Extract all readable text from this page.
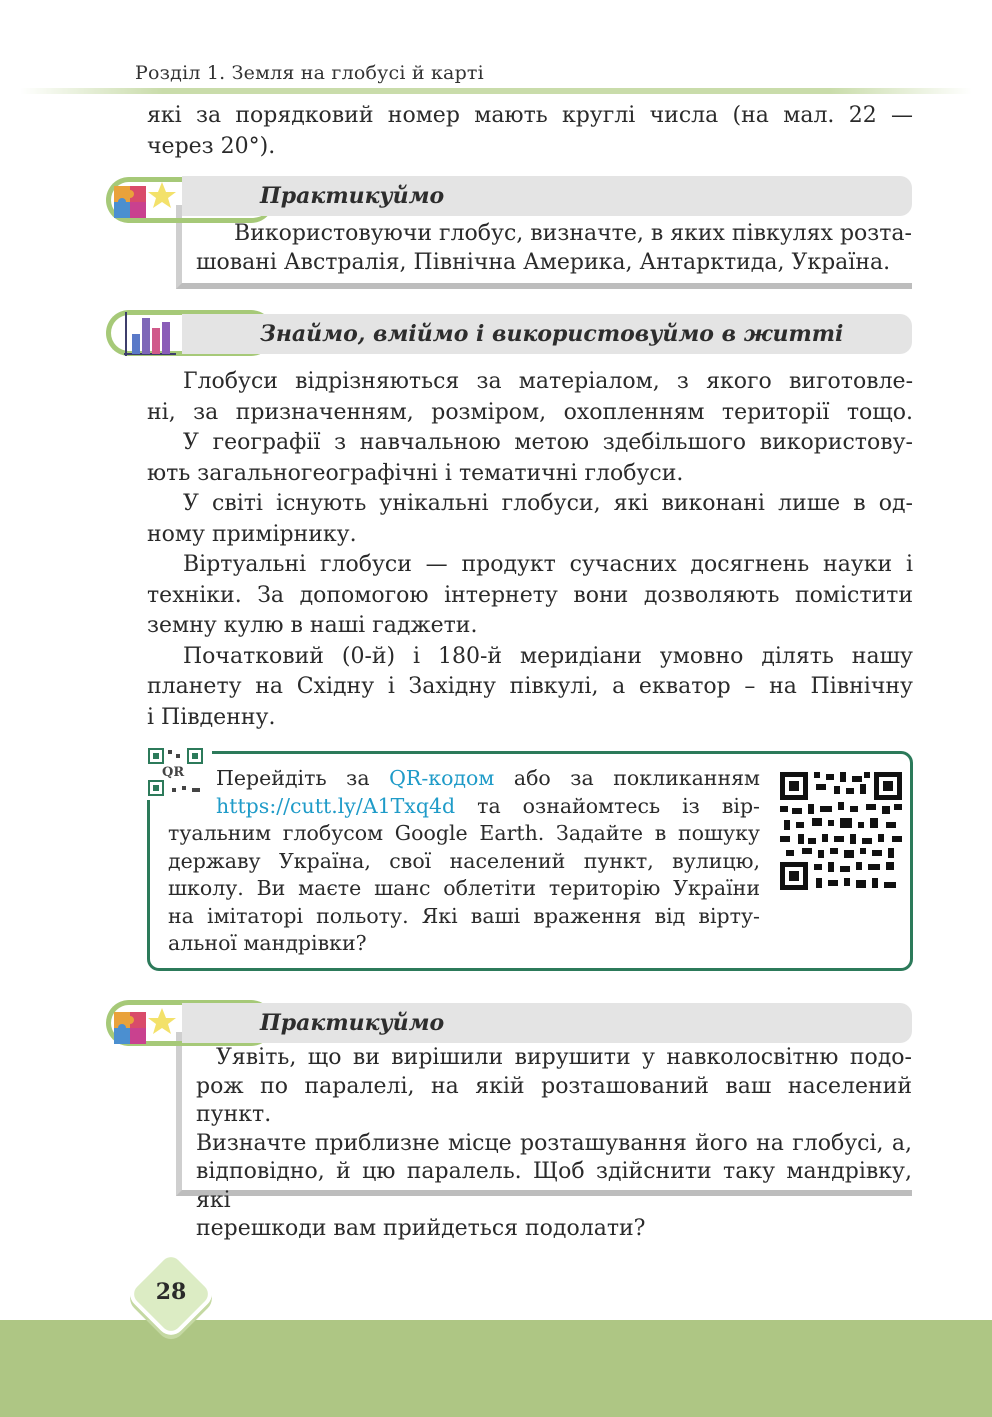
Розділ 1. Земля на глобусі й карті
які за порядковий номер мають круглі числа (на мал. 22 —
через 20°).
Практикуймо
Використовуючи глобус, визначте, в яких півкулях розта-
шовані Австралія, Північна Америка, Антарктида, Україна.
Знаймо, вміймо і використовуймо в житті
Глобуси відрізняються за матеріалом, з якого виготовле-
ні, за призначенням, розміром, охопленням території тощо.
У географії з навчальною метою здебільшого використову-
ють загальногеографічні і тематичні глобуси.
У світі існують унікальні глобуси, які виконані лише в од-
ному примірнику.
Віртуальні глобуси — продукт сучасних досягнень науки і
техніки. За допомогою інтернету вони дозволяють помістити
земну кулю в наші гаджети.
Початковий (0-й) і 180-й меридіани умовно ділять нашу
планету на Східну і Західну півкулі, а екватор – на Північну
і Південну.
QR	Перейдіть за QR-кодом або за покликанням
https://cutt.ly/A1Txq4d та ознайомтесь із вір-
туальним глобусом Google Earth. Задайте в пошуку
державу Україна, свої населений пункт, вулицю,
школу. Ви маєте шанс облетіти територію України
на імітаторі польоту. Які ваші враження від вірту-
альної мандрівки?
Практикуймо
Уявіть, що ви вирішили вирушити у навколосвітню подо-
рож по паралелі, на якій розташований ваш населений пункт.
Визначте приблизне місце розташування його на глобусі, а,
відповідно, й цю паралель. Щоб здійснити таку мандрівку, які
перешкоди вам прийдеться подолати?
28
